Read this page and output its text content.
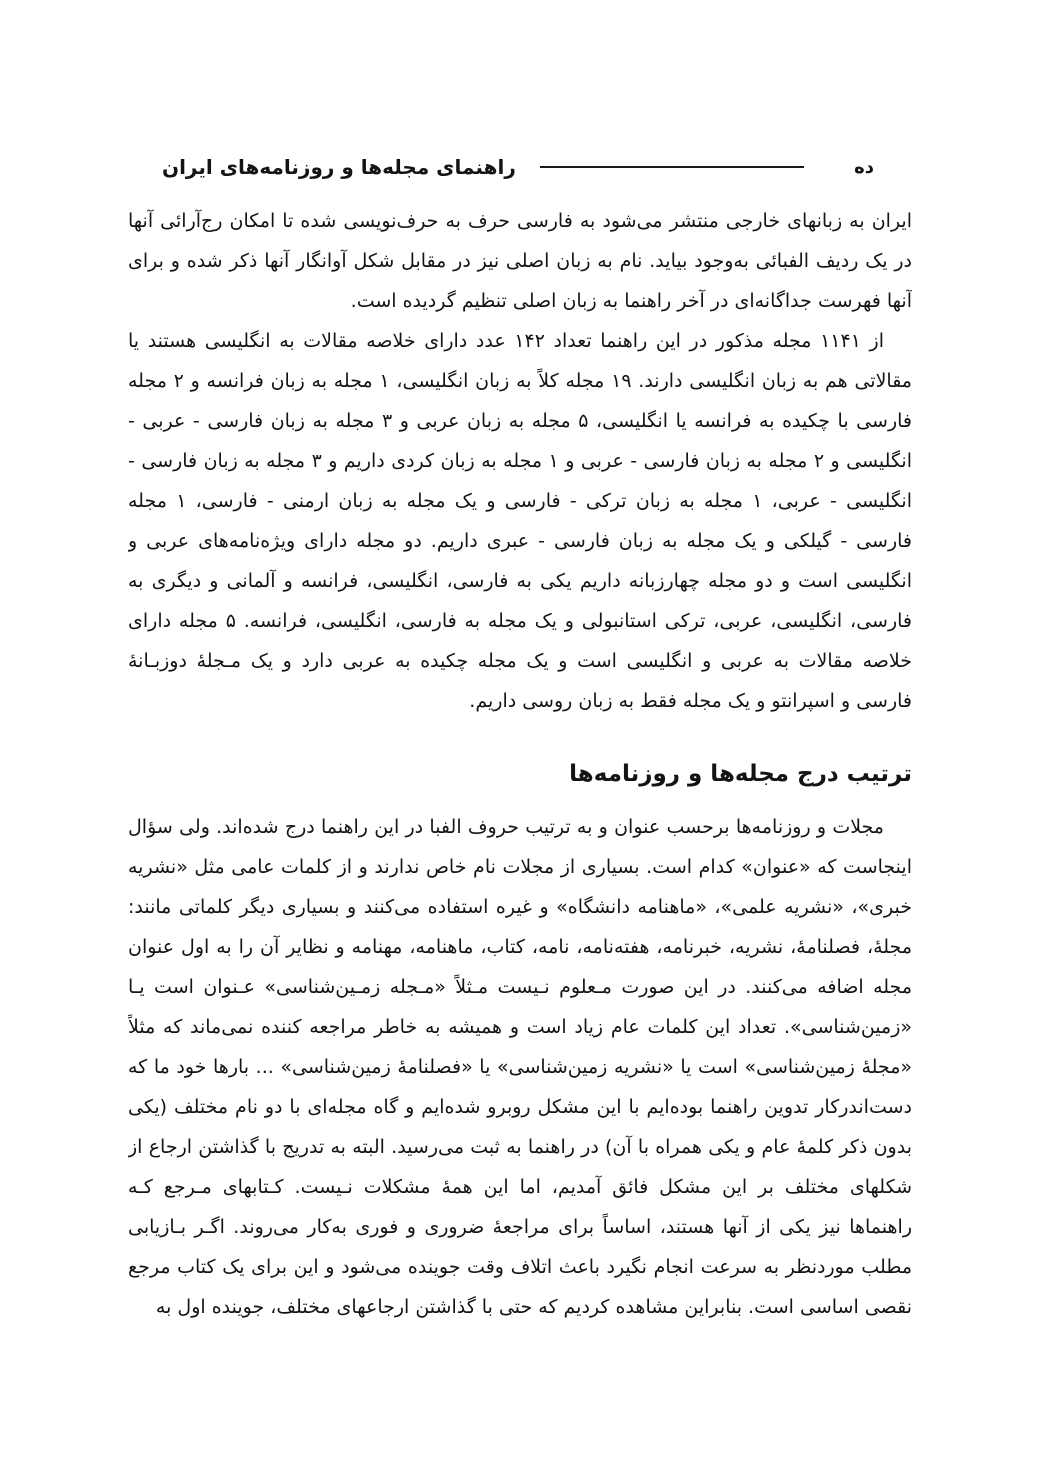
ده
راهنمای مجله‌ها و روزنامه‌های ایران
ایران به زبانهای خارجی منتشر می‌شود به فارسی حرف به حرف‌نویسی شده تا امکان رج‌آرائی آنها
در یک ردیف الفبائی به‌وجود بیاید. نام به زبان اصلی نیز در مقابل شکل آوانگار آنها ذکر شده و برای
آنها فهرست جداگانه‌ای در آخر راهنما به زبان اصلی تنظیم گردیده است.
از ۱۱۴۱ مجله مذکور در این راهنما تعداد ۱۴۲ عدد دارای خلاصه مقالات به انگلیسی هستند یا
مقالاتی هم به زبان انگلیسی دارند. ۱۹ مجله کلاً به زبان انگلیسی، ۱ مجله به زبان فرانسه و ۲ مجله
فارسی با چکیده به فرانسه یا انگلیسی، ۵ مجله به زبان عربی و ۳ مجله به زبان فارسی - عربی -
انگلیسی و ۲ مجله به زبان فارسی - عربی و ۱ مجله به زبان کردی داریم و ۳ مجله به زبان فارسی -
انگلیسی - عربی، ۱ مجله به زبان ترکی - فارسی و یک مجله به زبان ارمنی - فارسی، ۱ مجله
فارسی - گیلکی و یک مجله به زبان فارسی - عبری داریم. دو مجله دارای ویژه‌نامه‌های عربی و
انگلیسی است و دو مجله چهارزبانه داریم یکی به فارسی، انگلیسی، فرانسه و آلمانی و دیگری به
فارسی، انگلیسی، عربی، ترکی استانبولی و یک مجله به فارسی، انگلیسی، فرانسه. ۵ مجله دارای
خلاصه مقالات به عربی و انگلیسی است و یک مجله چکیده به عربی دارد و یک مـجلهٔ دوزبـانهٔ
فارسی و اسپرانتو و یک مجله فقط به زبان روسی داریم.
ترتیب درج مجله‌ها و روزنامه‌ها
مجلات و روزنامه‌ها برحسب عنوان و به ترتیب حروف الفبا در این راهنما درج شده‌اند. ولی سؤال
اینجاست که «عنوان» کدام است. بسیاری از مجلات نام خاص ندارند و از کلمات عامی مثل «نشریه
خبری»، «نشریه علمی»، «ماهنامه دانشگاه» و غیره استفاده می‌کنند و بسیاری دیگر کلماتی مانند:
مجلهٔ، فصلنامهٔ، نشریه، خبرنامه، هفته‌نامه، نامه، کتاب، ماهنامه، مهنامه و نظایر آن را به اول عنوان
مجله اضافه می‌کنند. در این صورت مـعلوم نـیست مـثلاً «مـجله زمـین‌شناسی» عـنوان است یـا
«زمین‌شناسی». تعداد این کلمات عام زیاد است و همیشه به خاطر مراجعه کننده نمی‌ماند که مثلاً
«مجلهٔ زمین‌شناسی» است یا «نشریه زمین‌شناسی» یا «فصلنامهٔ زمین‌شناسی» ... بارها خود ما که
دست‌اندرکار تدوین راهنما بوده‌ایم با این مشکل روبرو شده‌ایم و گاه مجله‌ای با دو نام مختلف (یکی
بدون ذکر کلمهٔ عام و یکی همراه با آن) در راهنما به ثبت می‌رسید. البته به تدریج با گذاشتن ارجاع از
شکلهای مختلف بر این مشکل فائق آمدیم، اما این همهٔ مشکلات نـیست. کـتابهای مـرجع کـه
راهنماها نیز یکی از آنها هستند، اساساً برای مراجعهٔ ضروری و فوری به‌کار می‌روند. اگـر بـازیابی
مطلب موردنظر به سرعت انجام نگیرد باعث اتلاف وقت جوینده می‌شود و این برای یک کتاب مرجع
نقصی اساسی است. بنابراین مشاهده کردیم که حتی با گذاشتن ارجاعهای مختلف، جوینده اول به
